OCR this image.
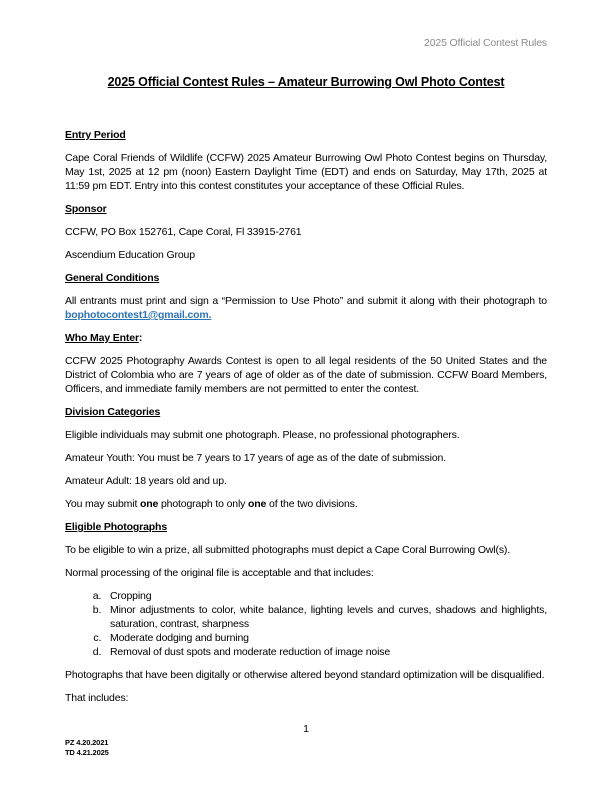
2025 Official Contest Rules
2025 Official Contest Rules – Amateur Burrowing Owl Photo Contest
Entry Period

Cape Coral Friends of Wildlife (CCFW) 2025 Amateur Burrowing Owl Photo Contest begins on Thursday, May 1st, 2025 at 12 pm (noon) Eastern Daylight Time (EDT) and ends on Saturday, May 17th, 2025 at 11:59 pm EDT. Entry into this contest constitutes your acceptance of these Official Rules.

Sponsor

CCFW, PO Box 152761, Cape Coral, Fl 33915-2761

Ascendium Education Group

General Conditions

All entrants must print and sign a “Permission to Use Photo” and submit it along with their photograph to bophotocontest1@gmail.com.

Who May Enter:

CCFW 2025 Photography Awards Contest is open to all legal residents of the 50 United States and the District of Colombia who are 7 years of age of older as of the date of submission. CCFW Board Members, Officers, and immediate family members are not permitted to enter the contest.

Division Categories

Eligible individuals may submit one photograph. Please, no professional photographers.

Amateur Youth: You must be 7 years to 17 years of age as of the date of submission.

Amateur Adult: 18 years old and up.

You may submit one photograph to only one of the two divisions.

Eligible Photographs

To be eligible to win a prize, all submitted photographs must depict a Cape Coral Burrowing Owl(s).

Normal processing of the original file is acceptable and that includes:

a. Cropping
b. Minor adjustments to color, white balance, lighting levels and curves, shadows and highlights, saturation, contrast, sharpness
c. Moderate dodging and burning
d. Removal of dust spots and moderate reduction of image noise

Photographs that have been digitally or otherwise altered beyond standard optimization will be disqualified.

That includes:

1
PZ 4.20.2021
TD 4.21.2025
